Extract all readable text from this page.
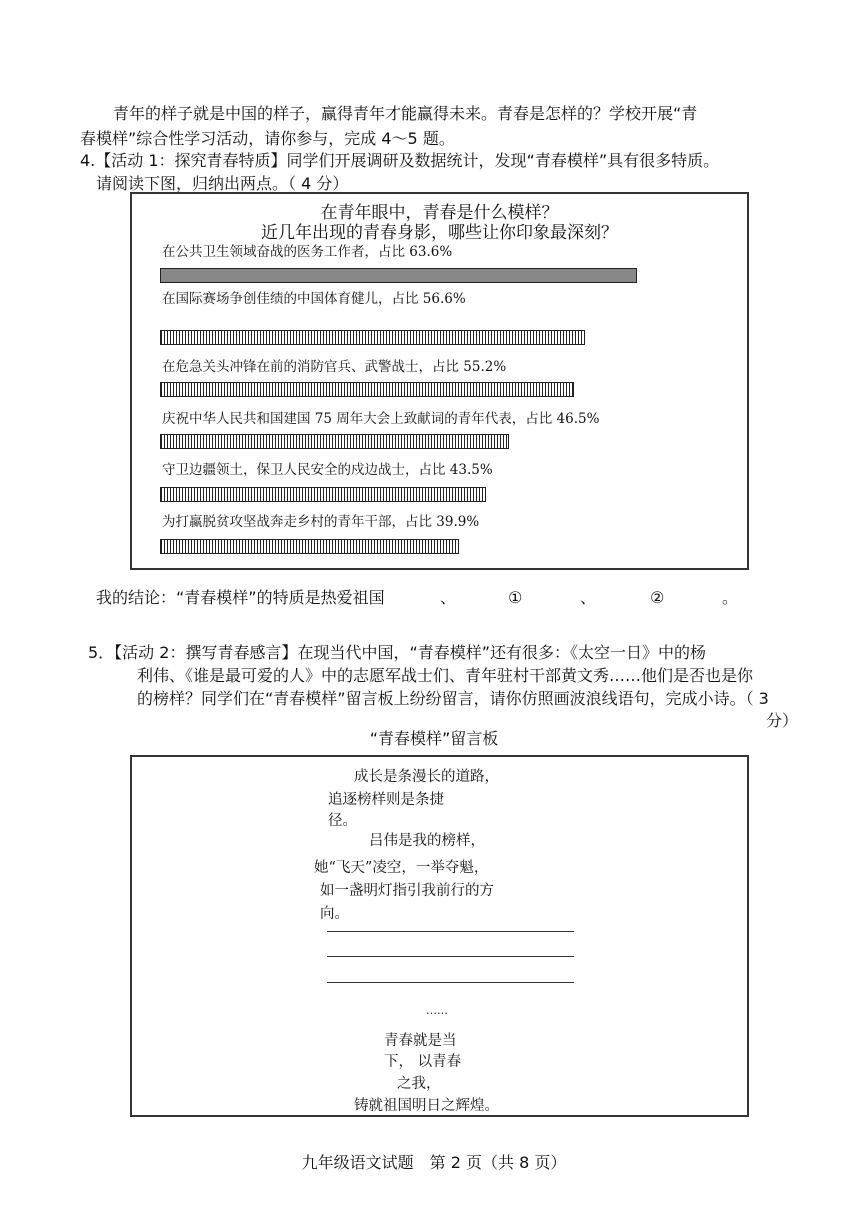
青年的样子就是中国的样子，赢得青年才能赢得未来。青春是怎样的？学校开展“青
春模样”综合性学习活动，请你参与，完成 4～5 题。
4.【活动 1：探究青春特质】同学们开展调研及数据统计，发现“青春模样”具有很多特质。
请阅读下图，归纳出两点。（ 4 分）
在青年眼中，青春是什么模样？
近几年出现的青春身影，哪些让你印象最深刻？
在公共卫生领域奋战的医务工作者，占比 63.6%
在国际赛场争创佳绩的中国体育健儿，占比 56.6%
在危急关头冲锋在前的消防官兵、武警战士，占比 55.2%
庆祝中华人民共和国建国 75 周年大会上致献词的青年代表，占比 46.5%
守卫边疆领土，保卫人民安全的戍边战士，占比 43.5%
为打赢脱贫攻坚战奔走乡村的青年干部，占比 39.9%
我的结论：“青春模样”的特质是热爱祖国	、	①	、	②	。
5．【活动 2：撰写青春感言】在现当代中国，“青春模样”还有很多：《太空一日》中的杨
利伟、《谁是最可爱的人》中的志愿军战士们、青年驻村干部黄文秀……他们是否也是你
的榜样？同学们在“青春模样”留言板上纷纷留言，请你仿照画波浪线语句，完成小诗。（ 3
分）
“青春模样”留言板
成长是条漫长的道路，
追逐榜样则是条捷
径。
吕伟是我的榜样，
她“飞天”凌空，一举夺魁，
如一盏明灯指引我前行的方
向。
……
青春就是当
下， 以青春
之我，
铸就祖国明日之辉煌。
九年级语文试题　第 2 页（共 8 页）
